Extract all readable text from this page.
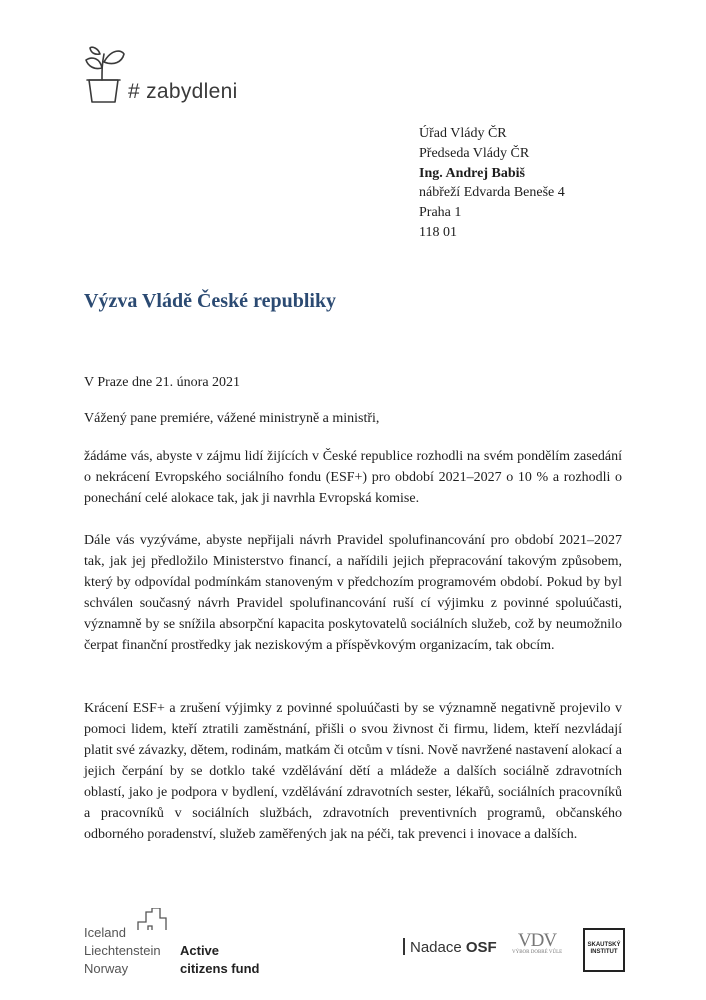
# zabydleni
Úřad Vlády ČR
Předseda Vlády ČR
Ing. Andrej Babiš
nábřeží Edvarda Beneše 4
Praha 1
118 01
Výzva Vládě České republiky
V Praze dne 21. února 2021
Vážený pane premiére, vážené ministryně a ministři,
žádáme vás, abyste v zájmu lidí žijících v České republice rozhodli na svém pondělím zasedání o nekrácení Evropského sociálního fondu (ESF+) pro období 2021–2027 o 10 % a rozhodli o ponechání celé alokace tak, jak ji navrhla Evropská komise.
Dále vás vyzýváme, abyste nepřijali návrh Pravidel spolufinancování pro období 2021–2027 tak, jak jej předložilo Ministerstvo financí, a nařídili jejich přepracování takovým způsobem, který by odpovídal podmínkám stanoveným v předchozím programovém období. Pokud by byl schválen současný návrh Pravidel spolufinancování ruší cí výjimku z povinné spoluúčasti, významně by se snížila absorpční kapacita poskytovatelů sociálních služeb, což by neumožnilo čerpat finanční prostředky jak neziskovým a příspěvkovým organizacím, tak obcím.
Krácení ESF+ a zrušení výjimky z povinné spoluúčasti by se významně negativně projevilo v pomoci lidem, kteří ztratili zaměstnání, přišli o svou živnost či firmu, lidem, kteří nezvládají platit své závazky, dětem, rodinám, matkám či otcům v tísni. Nově navržené nastavení alokací a jejich čerpání by se dotklo také vzdělávání dětí a mládeže a dalších sociálně zdravotních oblastí, jako je podpora v bydlení, vzdělávání zdravotních sester, lékařů, sociálních pracovníků a pracovníků v sociálních službách, zdravotních preventivních programů, občanského odborného poradenství, služeb zaměřených jak na péči, tak prevenci i inovace a dalších.
Iceland
Liechtenstein
Norway
Active
citizens fund
Nadace OSF	VDV
VÝBOR DOBRÉ VŮLE
SKAUTSKÝ
INSTITUT
